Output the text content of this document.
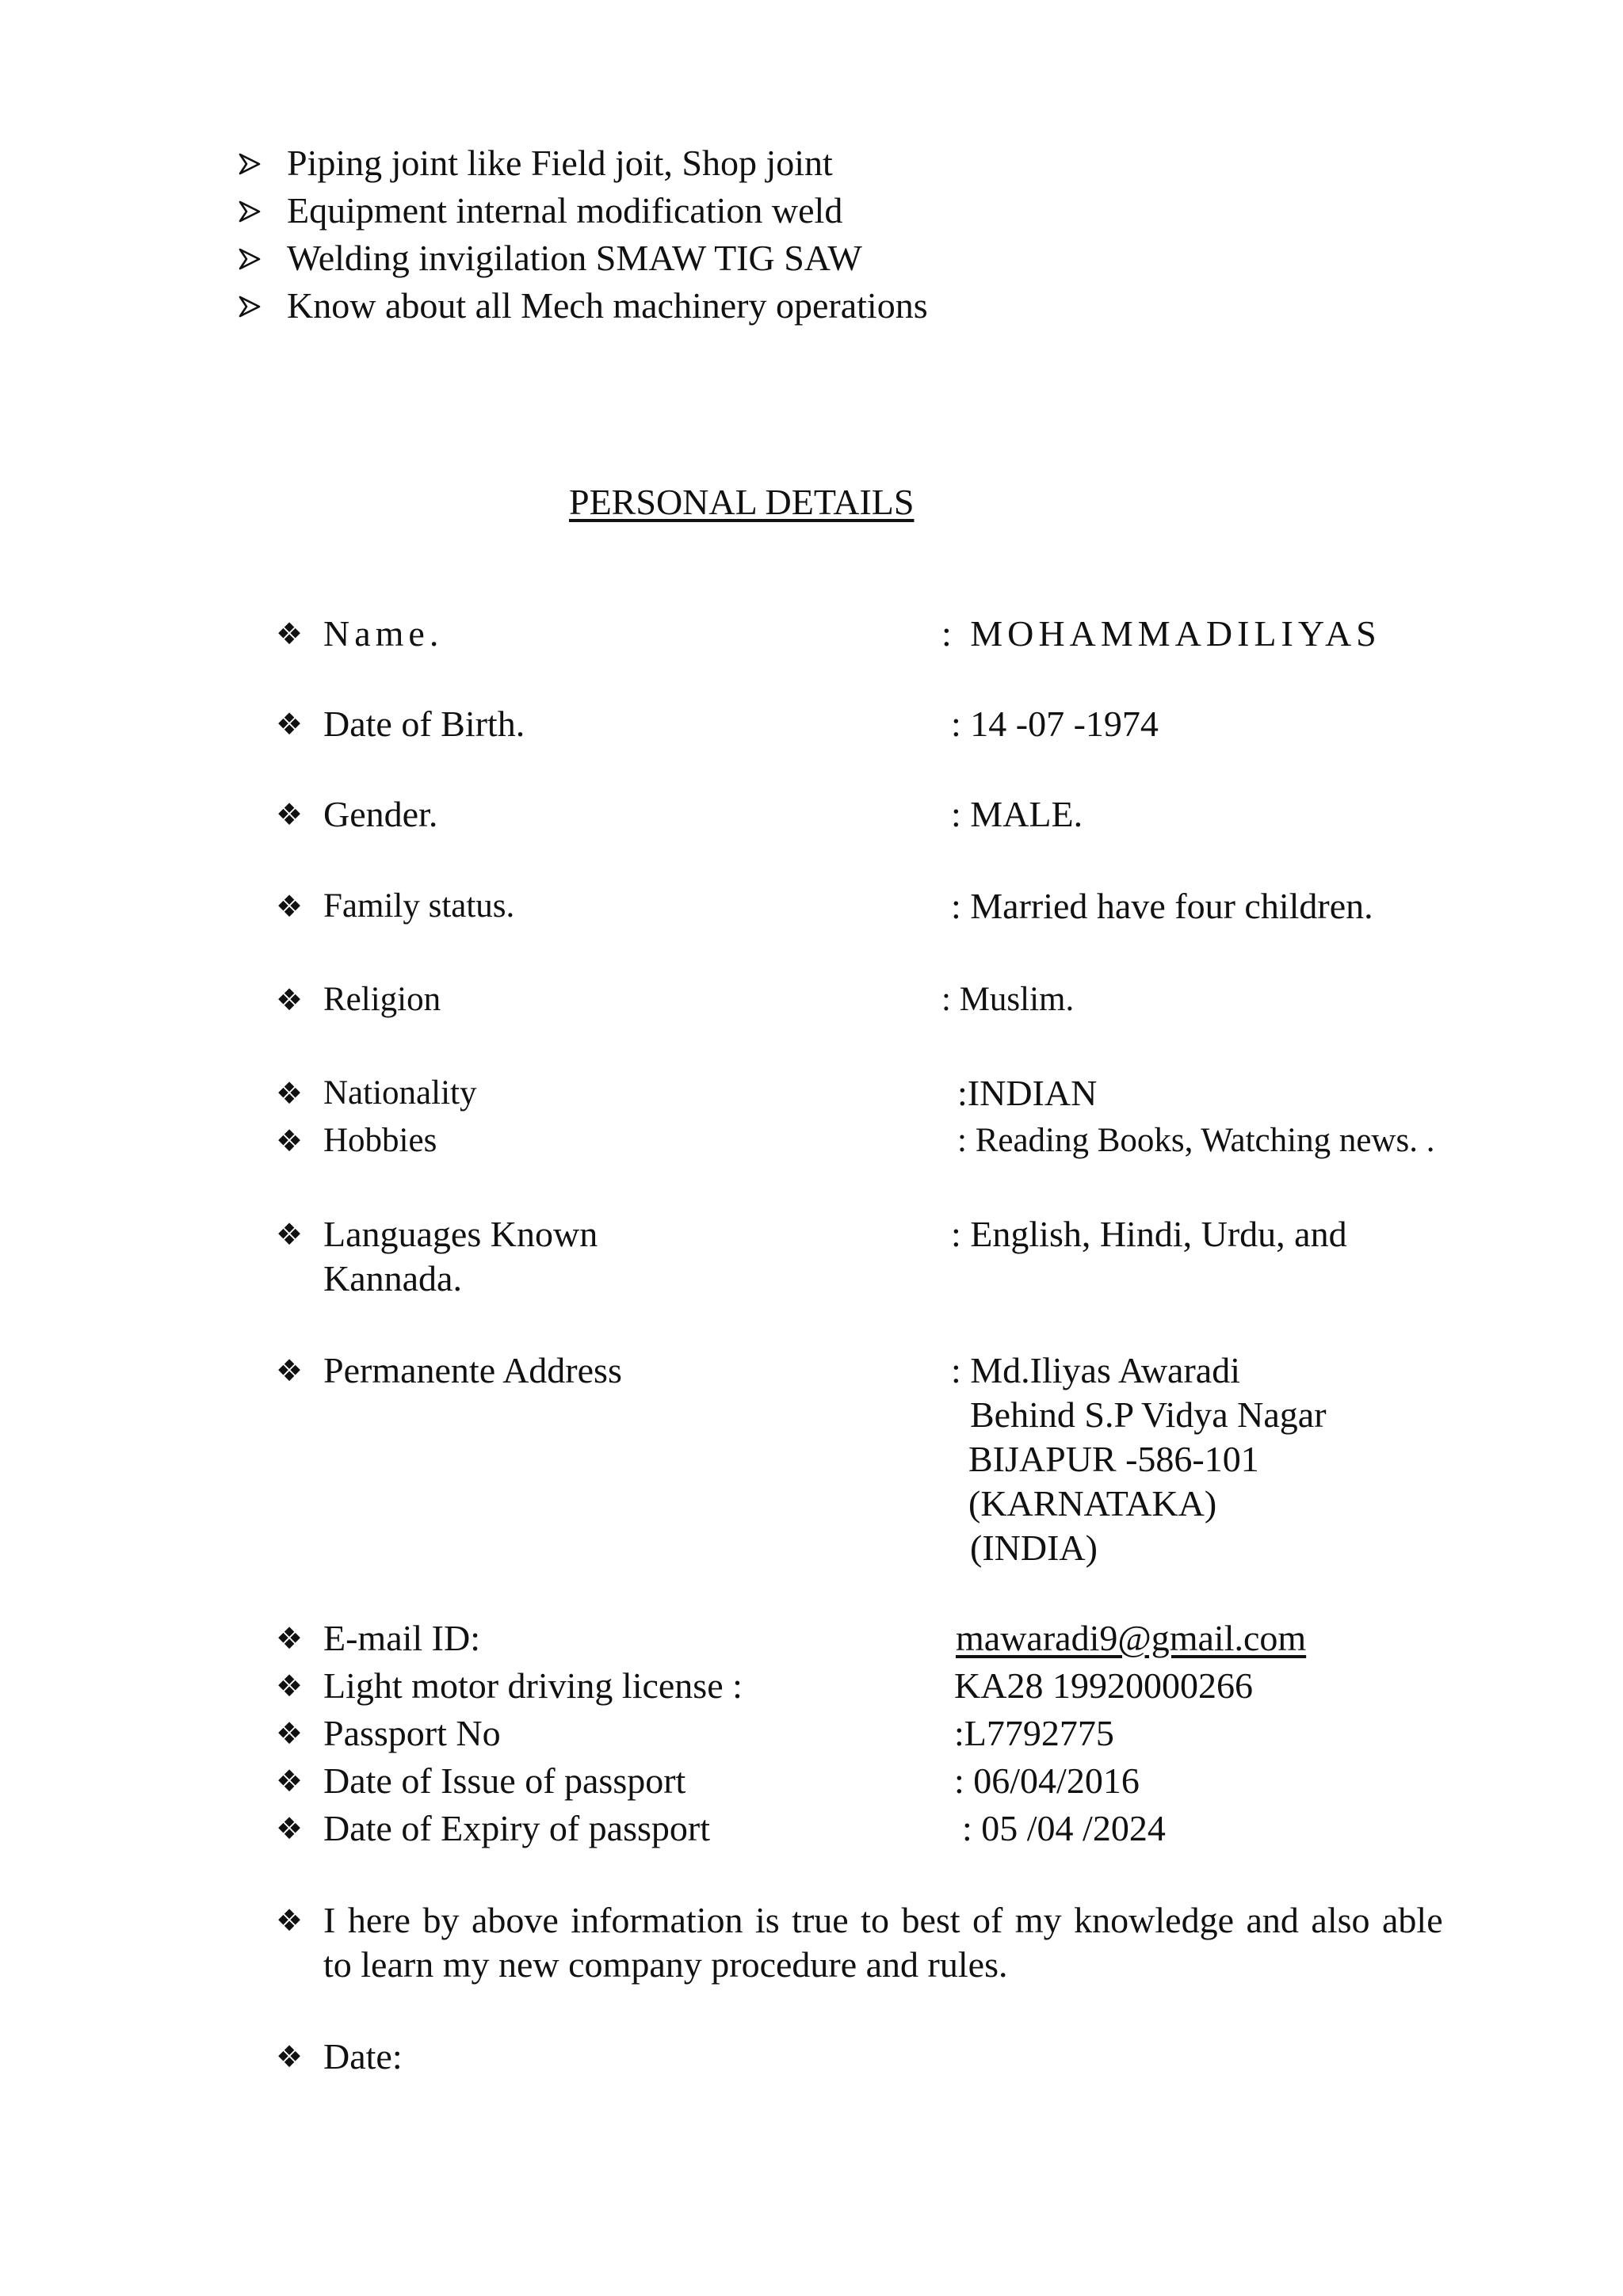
Piping joint like Field joit, Shop joint
Equipment internal modification weld
Welding invigilation SMAW TIG SAW
Know about all Mech machinery operations
PERSONAL DETAILS
❖ Name.	: MOHAMMADILIYAS
❖ Date of Birth.	: 14 -07 -1974
❖ Gender.	: MALE.
❖ Family status.	: Married have four children.
❖ Religion	: Muslim.
❖ Nationality	:INDIAN
❖ Hobbies	: Reading Books, Watching news. .
❖ Languages Known	: English, Hindi, Urdu, and
Kannada.
❖ Permanente Address	: Md.Iliyas Awaradi
Behind S.P Vidya Nagar
BIJAPUR -586-101
(KARNATAKA)
(INDIA)
❖ E-mail ID:	mawaradi9@gmail.com
❖ Light motor driving license :	KA28 19920000266
❖ Passport No	:L7792775
❖ Date of Issue of passport	: 06/04/2016
❖ Date of Expiry of passport	: 05 /04 /2024
❖ I here by above information is true to best of my knowledge and also able
to learn my new company procedure and rules.
❖ Date:
